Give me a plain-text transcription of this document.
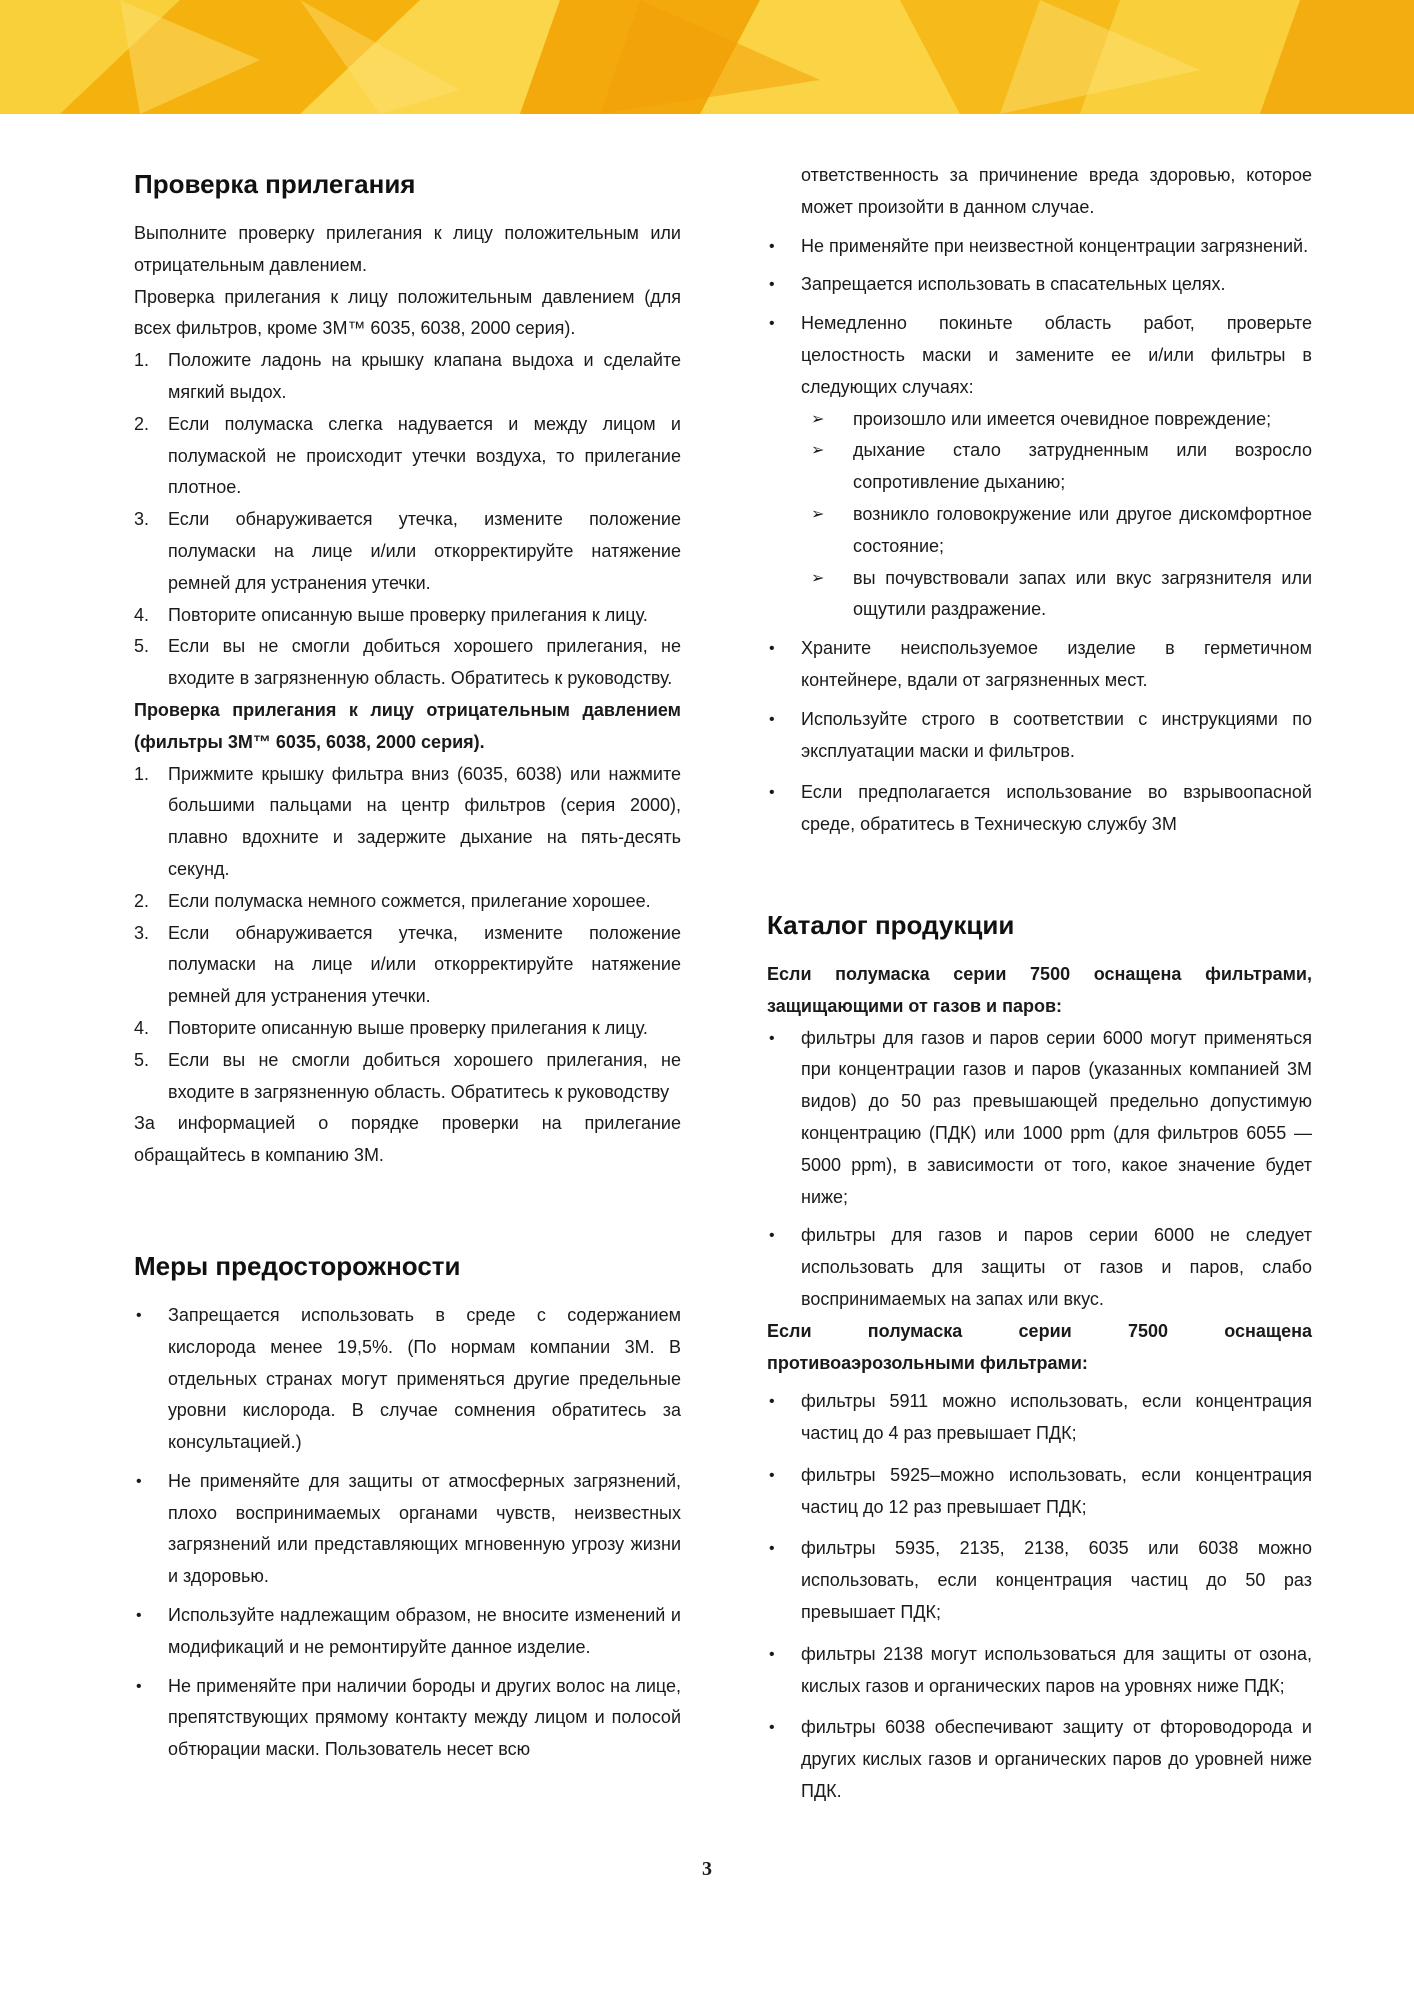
Проверка прилегания

Выполните проверку прилегания к лицу положительным или отрицательным давлением.

Проверка прилегания к лицу положительным давлением (для всех фильтров, кроме 3M™ 6035, 6038, 2000 серия).

1. Положите ладонь на крышку клапана выдоха и сделайте мягкий выдох.
2. Если полумаска слегка надувается и между лицом и полумаской не происходит утечки воздуха, то прилегание плотное.
3. Если обнаруживается утечка, измените положение полумаски на лице и/или откорректируйте натяжение ремней для устранения утечки.
4. Повторите описанную выше проверку прилегания к лицу.
5. Если вы не смогли добиться хорошего прилегания, не входите в загрязненную область. Обратитесь к руководству.

Проверка прилегания к лицу отрицательным давлением (фильтры 3M™ 6035, 6038, 2000 серия).

1. Прижмите крышку фильтра вниз (6035, 6038) или нажмите большими пальцами на центр фильтров (серия 2000), плавно вдохните и задержите дыхание на пять-десять секунд.
2. Если полумаска немного сожмется, прилегание хорошее.
3. Если обнаруживается утечка, измените положение полумаски на лице и/или откорректируйте натяжение ремней для устранения утечки.
4. Повторите описанную выше проверку прилегания к лицу.
5. Если вы не смогли добиться хорошего прилегания, не входите в загрязненную область. Обратитесь к руководству

За информацией о порядке проверки на прилегание обращайтесь в компанию 3M.

Меры предосторожности
• Запрещается использовать в среде с содержанием кислорода менее 19,5%. (По нормам компании 3M. В отдельных странах могут применяться другие предельные уровни кислорода. В случае сомнения обратитесь за консультацией.)
• Не применяйте для защиты от атмосферных загрязнений, плохо воспринимаемых органами чувств, неизвестных загрязнений или представляющих мгновенную угрозу жизни и здоровью.
• Используйте надлежащим образом, не вносите изменений и модификаций и не ремонтируйте данное изделие.
• Не применяйте при наличии бороды и других волос на лице, препятствующих прямому контакту между лицом и полосой обтюрации маски. Пользователь несет всю

ответственность за причинение вреда здоровью, которое может произойти в данном случае.

• Не применяйте при неизвестной концентрации загрязнений.
• Запрещается использовать в спасательных целях.
• Немедленно покиньте область работ, проверьте целостность маски и замените ее и/или фильтры в следующих случаях:
➢ произошло или имеется очевидное повреждение;
➢ дыхание стало затрудненным или возросло сопротивление дыханию;
➢ возникло головокружение или другое дискомфортное состояние;
➢ вы почувствовали запах или вкус загрязнителя или ощутили раздражение.
• Храните неиспользуемое изделие в герметичном контейнере, вдали от загрязненных мест.
• Используйте строго в соответствии с инструкциями по эксплуатации маски и фильтров.
• Если предполагается использование во взрывоопасной среде, обратитесь в Техническую службу 3M
Каталог продукции

Если полумаска серии 7500 оснащена фильтрами, защищающими от газов и паров:

• фильтры для газов и паров серии 6000 могут применяться при концентрации газов и паров (указанных компанией 3M видов) до 50 раз превышающей предельно допустимую концентрацию (ПДК) или 1000 ppm (для фильтров 6055 — 5000 ppm), в зависимости от того, какое значение будет ниже;
• фильтры для газов и паров серии 6000 не следует использовать для защиты от газов и паров, слабо воспринимаемых на запах или вкус.

Если полумаска серии 7500 оснащена противоаэрозольными фильтрами:

• фильтры 5911 можно использовать, если концентрация частиц до 4 раз превышает ПДК;
• фильтры 5925–можно использовать, если концентрация частиц до 12 раз превышает ПДК;
• фильтры 5935, 2135, 2138, 6035 или 6038 можно использовать, если концентрация частиц до 50 раз превышает ПДК;
• фильтры 2138 могут использоваться для защиты от озона, кислых газов и органических паров на уровнях ниже ПДК;
• фильтры 6038 обеспечивают защиту от фтороводорода и других кислых газов и органических паров до уровней ниже ПДК.
3
